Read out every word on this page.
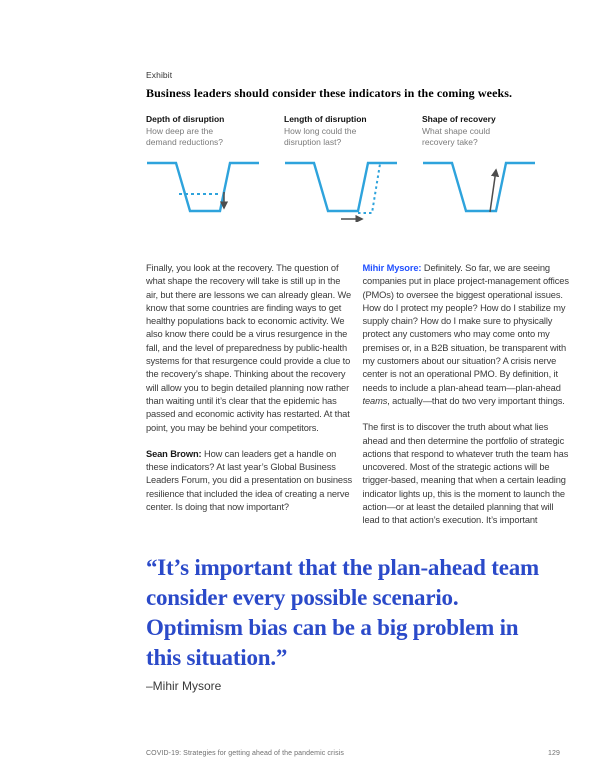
Exhibit
Business leaders should consider these indicators in the coming weeks.
Depth of disruption
How deep are the demand reductions?
Length of disruption
How long could the disruption last?
Shape of recovery
What shape could recovery take?

Finally, you look at the recovery. The question of what shape the recovery will take is still up in the air, but there are lessons we can already glean. We know that some countries are finding ways to get healthy populations back to economic activity. We also know there could be a virus resurgence in the fall, and the level of preparedness by public-health systems for that resurgence could provide a clue to the recovery’s shape. Thinking about the recovery will allow you to begin detailed planning now rather than waiting until it’s clear that the epidemic has passed and economic activity has restarted. At that point, you may be behind your competitors.

Sean Brown: How can leaders get a handle on these indicators? At last year’s Global Business Leaders Forum, you did a presentation on business resilience that included the idea of creating a nerve center. Is doing that now important?

Mihir Mysore: Definitely. So far, we are seeing companies put in place project-management offices (PMOs) to oversee the biggest operational issues. How do I protect my people? How do I stabilize my supply chain? How do I make sure to physically protect any customers who may come onto my premises or, in a B2B situation, be transparent with my customers about our situation? A crisis nerve center is not an operational PMO. By definition, it needs to include a plan-ahead team—plan-ahead teams, actually—that do two very important things.

The first is to discover the truth about what lies ahead and then determine the portfolio of strategic actions that respond to whatever truth the team has uncovered. Most of the strategic actions will be trigger-based, meaning that when a certain leading indicator lights up, this is the moment to launch the action—or at least the detailed planning that will lead to that action’s execution. It’s important

“It’s important that the plan-ahead team consider every possible scenario. Optimism bias can be a big problem in this situation.”
–Mihir Mysore
COVID-19: Strategies for getting ahead of the pandemic crisis	129
